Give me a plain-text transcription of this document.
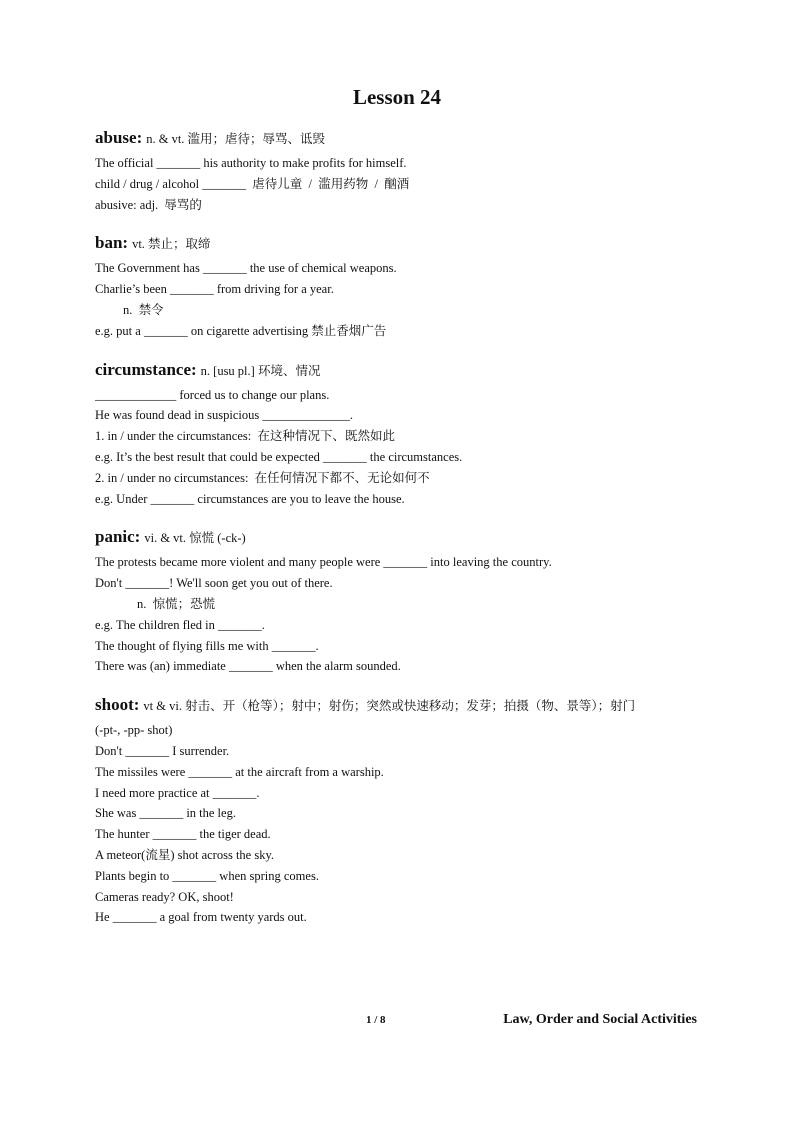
Lesson 24
abuse: n. & vt. 滥用；虐待；辱骂、诋毁
The official _______ his authority to make profits for himself.
child / drug / alcohol _______  虐待儿童  /  滥用药物  /  酗酒
abusive: adj.  辱骂的
ban: vt. 禁止；取缔
The Government has _______ the use of chemical weapons.
Charlie’s been _______ from driving for a year.
n.  禁令
e.g. put a _______ on cigarette advertising 禁止香烟广告
circumstance: n. [usu pl.] 环境、情况
_____________ forced us to change our plans.
He was found dead in suspicious ______________.
1. in / under the circumstances:  在这种情况下、既然如此
e.g. It’s the best result that could be expected _______ the circumstances.
2. in / under no circumstances:  在任何情况下都不、无论如何不
e.g. Under _______ circumstances are you to leave the house.
panic: vi. & vt. 惊慌 (-ck-)
The protests became more violent and many people were _______ into leaving the country.
Don't _______! We'll soon get you out of there.
n.  惊慌；恐慌
e.g. The children fled in _______.
The thought of flying fills me with _______.
There was (an) immediate _______ when the alarm sounded.
shoot: vt & vi. 射击、开（枪等）；射中；射伤；突然或快速移动；发芽；拍摄（物、景等）；射门
(-pt-, -pp- shot)
Don't _______ I surrender.
The missiles were _______ at the aircraft from a warship.
I need more practice at _______.
She was _______ in the leg.
The hunter _______ the tiger dead.
A meteor(流星) shot across the sky.
Plants begin to _______ when spring comes.
Cameras ready? OK, shoot!
He _______ a goal from twenty yards out.
1 / 8	Law, Order and Social Activities
